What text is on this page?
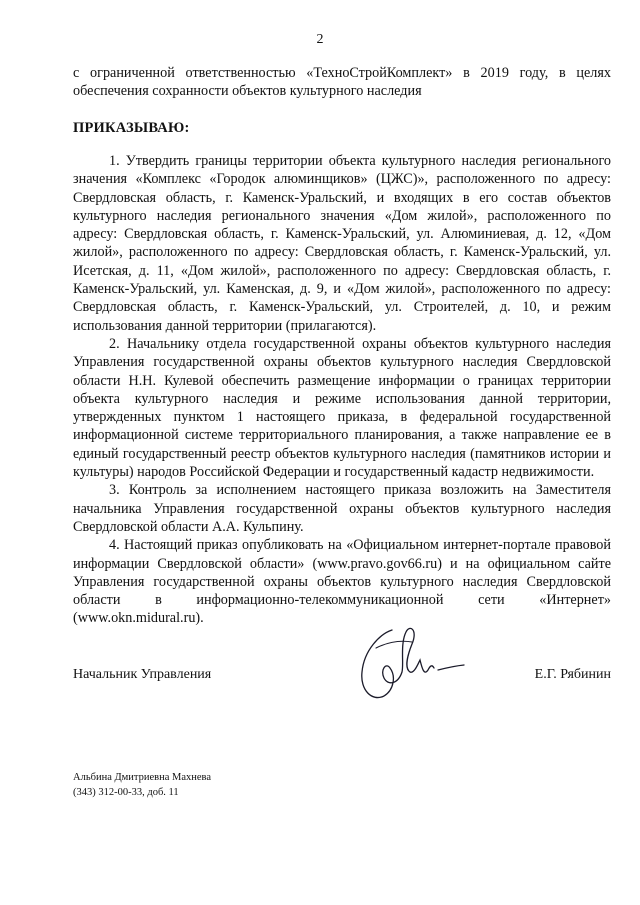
2
с ограниченной ответственностью «ТехноСтройКомплект» в 2019 году, в целях обеспечения сохранности объектов культурного наследия
ПРИКАЗЫВАЮ:

1. Утвердить границы территории объекта культурного наследия регионального значения «Комплекс «Городок алюминщиков» (ЦЖС)», расположенного по адресу: Свердловская область, г. Каменск-Уральский, и входящих в его состав объектов культурного наследия регионального значения «Дом жилой», расположенного по адресу: Свердловская область, г. Каменск-Уральский, ул. Алюминиевая, д. 12, «Дом жилой», расположенного по адресу: Свердловская область, г. Каменск-Уральский, ул. Исетская, д. 11, «Дом жилой», расположенного по адресу: Свердловская область, г. Каменск-Уральский, ул. Каменская, д. 9, и «Дом жилой», расположенного по адресу: Свердловская область, г. Каменск-Уральский, ул. Строителей, д. 10, и режим использования данной территории (прилагаются).

2. Начальнику отдела государственной охраны объектов культурного наследия Управления государственной охраны объектов культурного наследия Свердловской области Н.Н. Кулевой обеспечить размещение информации о границах территории объекта культурного наследия и режиме использования данной территории, утвержденных пунктом 1 настоящего приказа, в федеральной государственной информационной системе территориального планирования, а также направление ее в единый государственный реестр объектов культурного наследия (памятников истории и культуры) народов Российской Федерации и государственный кадастр недвижимости.

3. Контроль за исполнением настоящего приказа возложить на Заместителя начальника Управления государственной охраны объектов культурного наследия Свердловской области А.А. Кульпину.

4. Настоящий приказ опубликовать на «Официальном интернет-портале правовой информации Свердловской области» (www.pravo.gov66.ru) и на официальном сайте Управления государственной охраны объектов культурного наследия Свердловской области в информационно-телекоммуникационной сети «Интернет» (www.okn.midural.ru).

Начальник Управления	Е.Г. Рябинин
Альбина Дмитриевна Махнева
(343) 312-00-33, доб. 11
